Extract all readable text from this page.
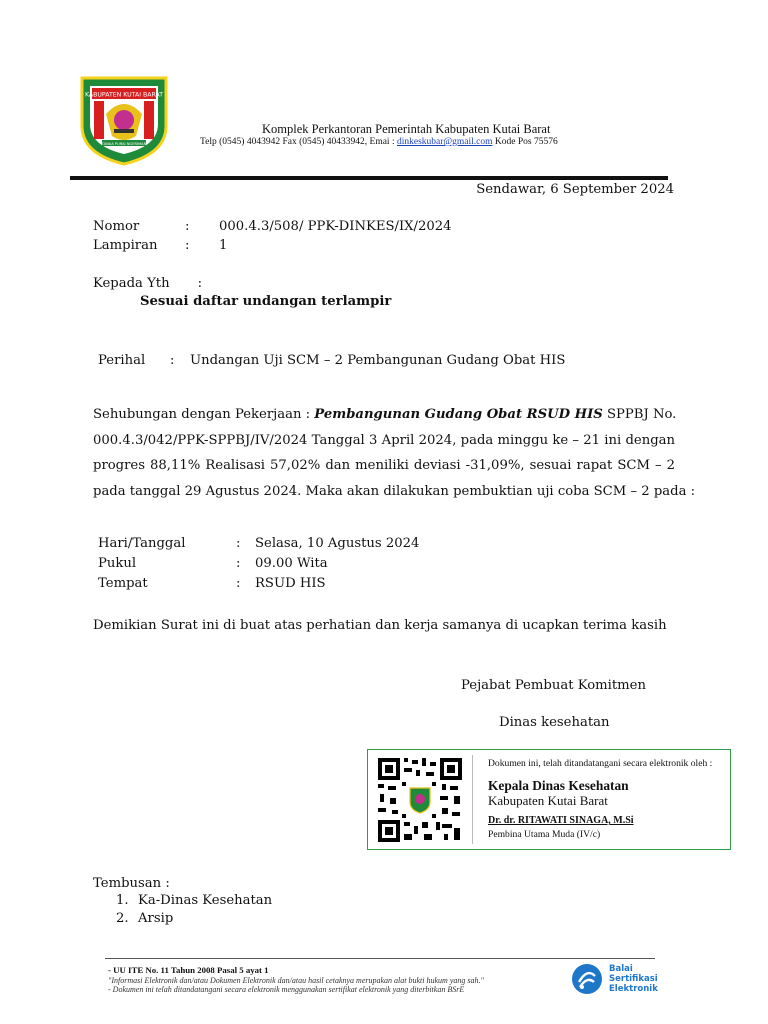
KABUPATEN KUTAI BARAT
TANAA PURAI NGERIMAN
Komplek Perkantoran Pemerintah Kabupaten Kutai Barat
Telp (0545) 4043942 Fax (0545) 40433942, Emai : dinkeskubar@gmail.com Kode Pos 75576
Sendawar, 6 September 2024
Nomor	:	000.4.3/508/ PPK-DINKES/IX/2024
Lampiran	:	1
Kepada Yth :
Sesuai daftar undangan terlampir
Perihal	:	Undangan Uji SCM – 2 Pembangunan Gudang Obat HIS
Sehubungan dengan Pekerjaan : Pembangunan Gudang Obat RSUD HIS SPPBJ No.
000.4.3/042/PPK-SPPBJ/IV/2024 Tanggal 3 April 2024, pada minggu ke – 21 ini dengan
progres 88,11% Realisasi 57,02% dan meniliki deviasi -31,09%, sesuai rapat SCM – 2
pada tanggal 29 Agustus 2024. Maka akan dilakukan pembuktian uji coba SCM – 2 pada :
Hari/Tanggal	:	Selasa, 10 Agustus 2024
Pukul	:	09.00 Wita
Tempat	:	RSUD HIS
Demikian Surat ini di buat atas perhatian dan kerja samanya di ucapkan terima kasih
Pejabat Pembuat Komitmen
Dinas kesehatan
Dokumen ini, telah ditandatangani secara elektronik oleh :
Kepala Dinas Kesehatan
Kabupaten Kutai Barat
Dr. dr. RITAWATI SINAGA, M.Si
Pembina Utama Muda (IV/c)
Tembusan :
1. Ka-Dinas Kesehatan
2. Arsip
- UU ITE No. 11 Tahun 2008 Pasal 5 ayat 1
"Informasi Elektronik dan/atau Dokumen Elektronik dan/atau hasil cetaknya merupakan alat bukti hukum yang sah."
- Dokumen ini telah ditandatangani secara elektronik menggunakan sertifikat elektronik yang diterbitkan BSrE
Balai
Sertifikasi
Elektronik
